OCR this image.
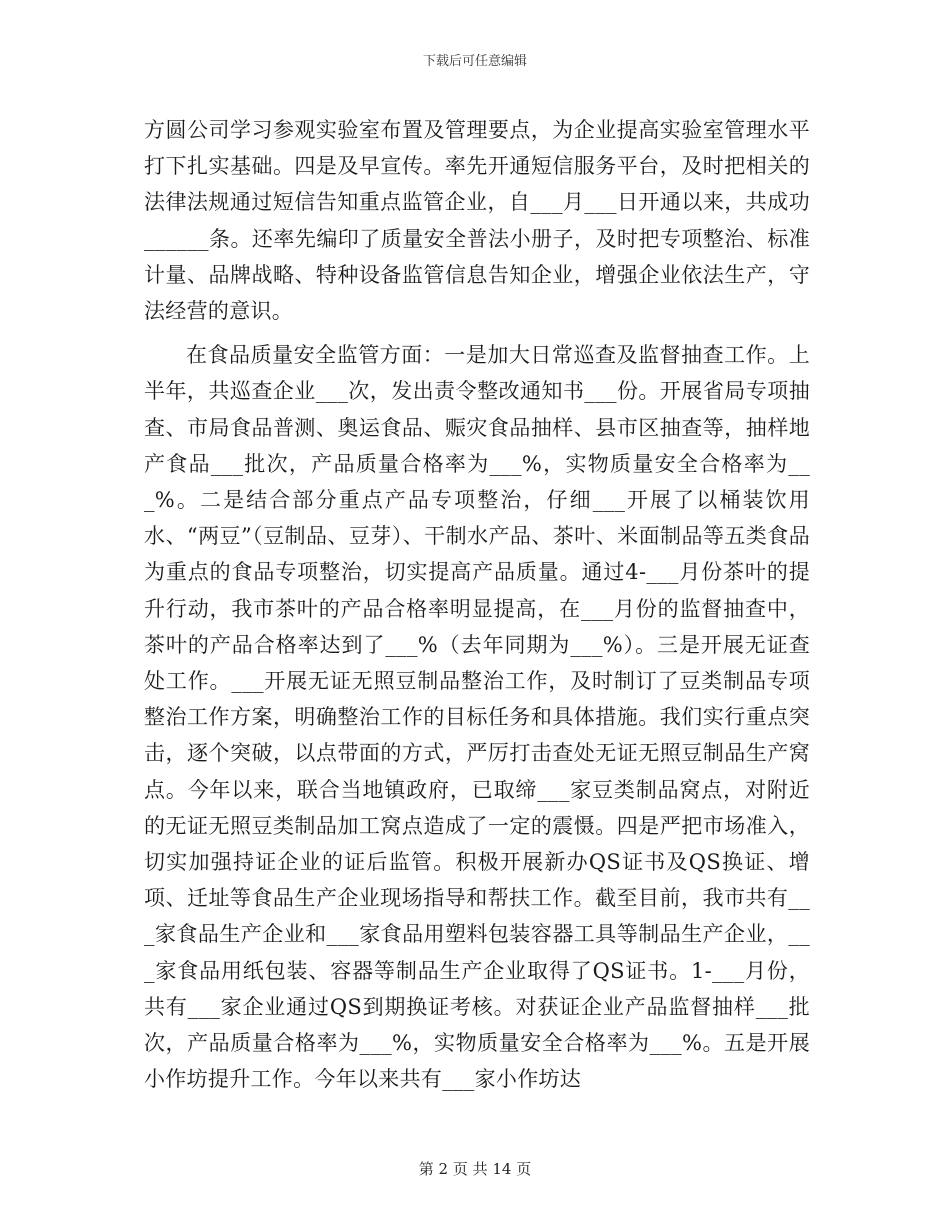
下载后可任意编辑

方圆公司学习参观实验室布置及管理要点，为企业提高实验室管理水平打下扎实基础。四是及早宣传。率先开通短信服务平台，及时把相关的法律法规通过短信告知重点监管企业，自___月___日开通以来，共成功______条。还率先编印了质量安全普法小册子，及时把专项整治、标准计量、品牌战略、特种设备监管信息告知企业，增强企业依法生产，守法经营的意识。

在食品质量安全监管方面：一是加大日常巡查及监督抽查工作。上半年，共巡查企业___次，发出责令整改通知书___份。开展省局专项抽查、市局食品普测、奥运食品、赈灾食品抽样、县市区抽查等，抽样地产食品___批次，产品质量合格率为___%，实物质量安全合格率为___%。二是结合部分重点产品专项整治，仔细___开展了以桶装饮用水、“两豆”（豆制品、豆芽）、干制水产品、茶叶、米面制品等五类食品为重点的食品专项整治，切实提高产品质量。通过4-___月份茶叶的提升行动，我市茶叶的产品合格率明显提高，在___月份的监督抽查中，茶叶的产品合格率达到了___%（去年同期为___%）。三是开展无证查处工作。___开展无证无照豆制品整治工作，及时制订了豆类制品专项整治工作方案，明确整治工作的目标任务和具体措施。我们实行重点突击，逐个突破，以点带面的方式，严厉打击查处无证无照豆制品生产窝点。今年以来，联合当地镇政府，已取缔___家豆类制品窝点，对附近的无证无照豆类制品加工窝点造成了一定的震慑。四是严把市场准入，切实加强持证企业的证后监管。积极开展新办QS证书及QS换证、增项、迁址等食品生产企业现场指导和帮扶工作。截至目前，我市共有___家食品生产企业和___家食品用塑料包装容器工具等制品生产企业，___家食品用纸包装、容器等制品生产企业取得了QS证书。1-___月份，共有___家企业通过QS到期换证考核。对获证企业产品监督抽样___批次，产品质量合格率为___%，实物质量安全合格率为___%。五是开展小作坊提升工作。今年以来共有___家小作坊达

第 2 页 共 14 页
